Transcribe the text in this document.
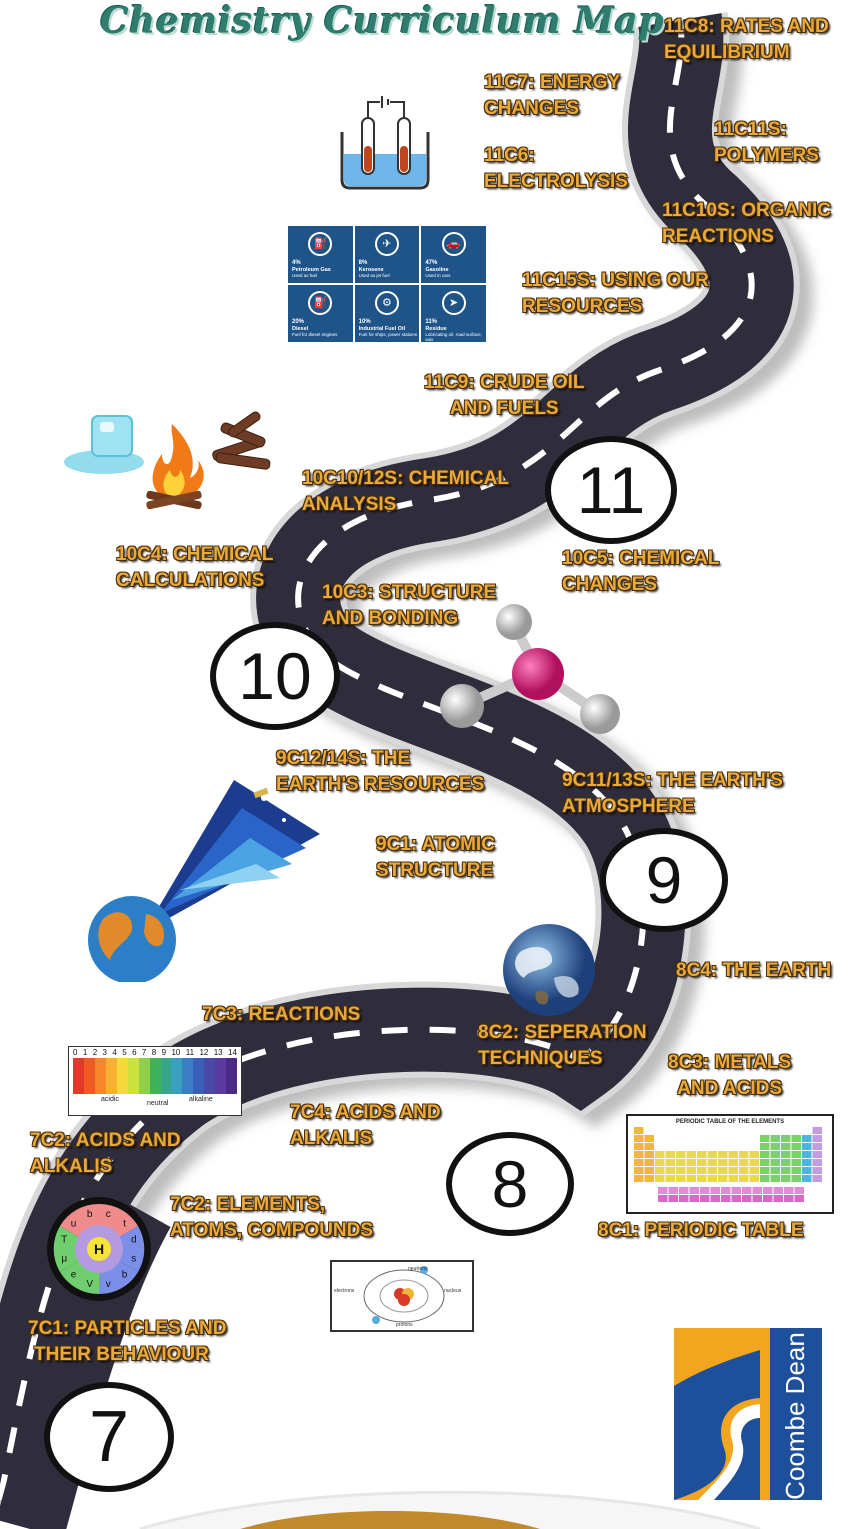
Chemistry Curriculum Map
11
10
9
8
7
11C8: RATES AND
EQUILIBRIUM
11C7: ENERGY
CHANGES
11C11S:
POLYMERS
11C6:
ELECTROLYSIS
11C10S: ORGANIC
REACTIONS
11C15S: USING OUR
RESOURCES
11C9: CRUDE OIL
AND FUELS
10C10/12S: CHEMICAL
ANALYSIS
10C4: CHEMICAL
CALCULATIONS
10C5: CHEMICAL
CHANGES
10C3: STRUCTURE
AND BONDING
9C12/14S: THE
EARTH'S RESOURCES	9C11/13S: THE EARTH'S
ATMOSPHERE
9C1: ATOMIC
STRUCTURE
8C4: THE EARTH
7C3: REACTIONS
8C2: SEPERATION
TECHNIQUES	8C3: METALS
AND ACIDS
7C4: ACIDS AND
ALKALIS
7C2: ACIDS AND
ALKALIS
7C2: ELEMENTS,
ATOMS, COMPOUNDS	8C1: PERIODIC TABLE
7C1: PARTICLES AND
THEIR BEHAVIOUR
⛽
4%
Petroleum Gas
Used as fuel
✈
8%
Kerosene
Used as jet fuel
🚗
47%
Gasoline
Used in cars
⛽
20%
Diesel
Fuel for diesel engines
⚙
10%
Industrial Fuel Oil
Fuel for ships, power stations
➤
11%
Residue
Lubricating oil, road surface, wax
0 1 2 3 4 5 6 7 8 9 10 11 12 13 14
acidic
neutral
alkaline
PERIODIC TABLE OF THE ELEMENTS
H
c
t
d
s
b
v
V
e
μ
T
u
b
neutrons
electrons	nucleus
protons
Coombe Dean
